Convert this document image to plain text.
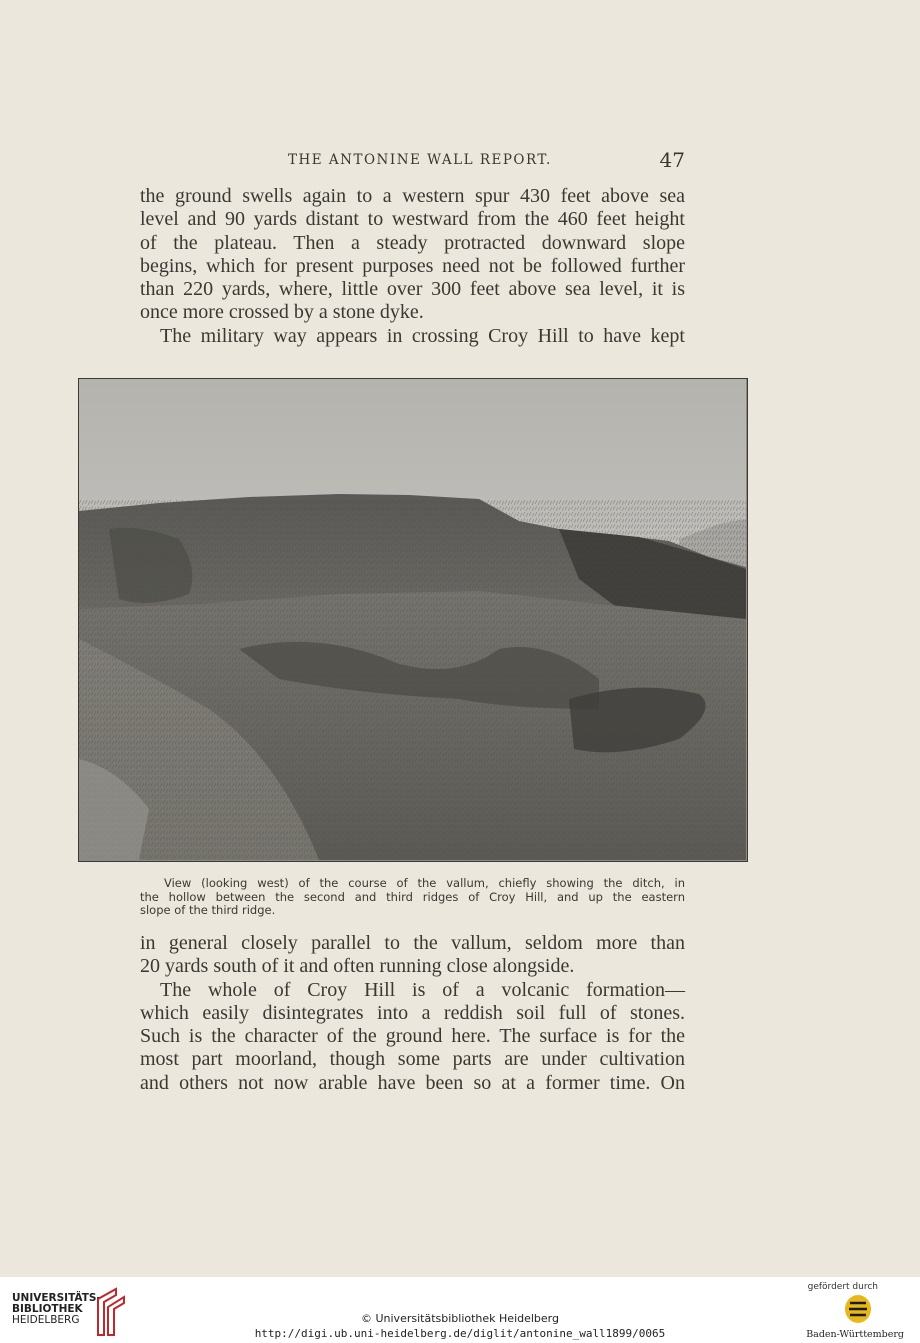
THE ANTONINE WALL REPORT.	47
the ground swells again to a western spur 430 feet above sea
level and 90 yards distant to westward from the 460 feet height
of the plateau. Then a steady protracted downward slope
begins, which for present purposes need not be followed further
than 220 yards, where, little over 300 feet above sea level, it is
once more crossed by a stone dyke.
The military way appears in crossing Croy Hill to have kept
View (looking west) of the course of the vallum, chiefly showing the ditch, in
the hollow between the second and third ridges of Croy Hill, and up the eastern
slope of the third ridge.
in general closely parallel to the vallum, seldom more than
20 yards south of it and often running close alongside.
The whole of Croy Hill is of a volcanic formation—
which easily disintegrates into a reddish soil full of stones.
Such is the character of the ground here. The surface is for the
most part moorland, though some parts are under cultivation
and others not now arable have been so at a former time. On
UNIVERSITÄTS-
BIBLIOTHEK
HEIDELBERG	© Universitätsbibliothek Heidelberg
http://digi.ub.uni-heidelberg.de/diglit/antonine_wall1899/0065
gefördert durch
Baden-Württemberg
